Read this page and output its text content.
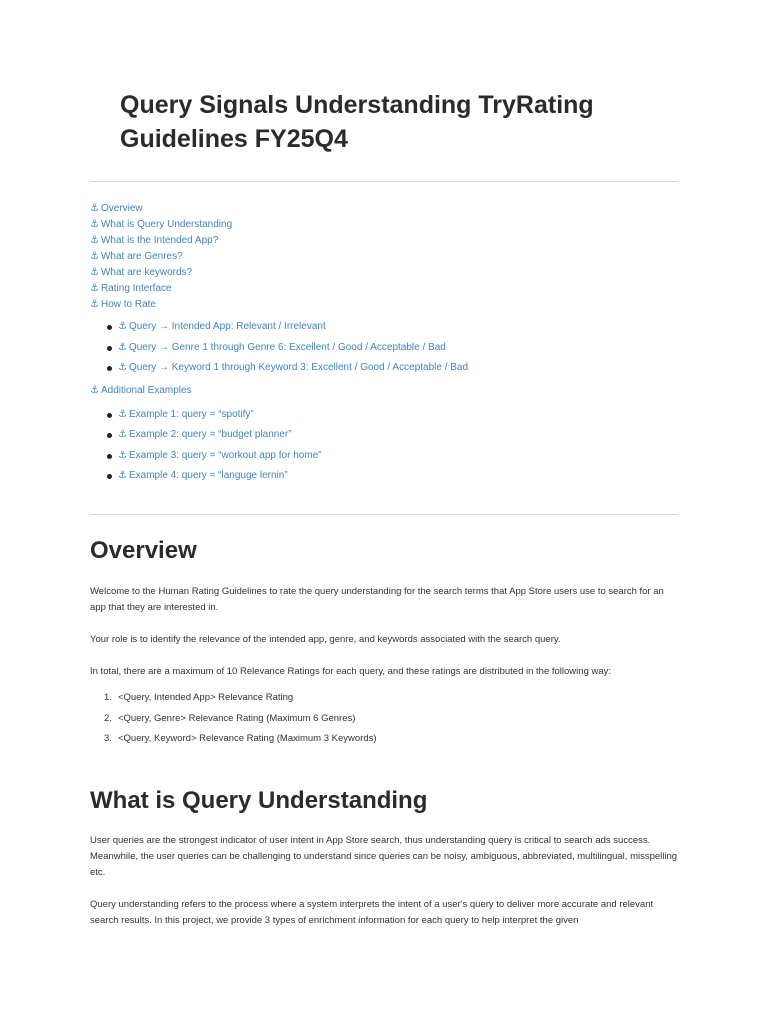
Query Signals Understanding TryRating Guidelines FY25Q4
⚓ Overview
⚓ What is Query Understanding
⚓ What is the Intended App?
⚓ What are Genres?
⚓ What are keywords?
⚓ Rating Interface
⚓ How to Rate
⚓ Query → Intended App: Relevant / Irrelevant
⚓ Query → Genre 1 through Genre 6: Excellent / Good / Acceptable / Bad
⚓ Query → Keyword 1 through Keyword 3: Excellent / Good / Acceptable / Bad
⚓ Additional Examples
⚓ Example 1: query = “spotify”
⚓ Example 2: query = “budget planner”
⚓ Example 3: query = “workout app for home”
⚓ Example 4: query = “languge lernin”
Overview

Welcome to the Human Rating Guidelines to rate the query understanding for the search terms that App Store users use to search for an app that they are interested in.

Your role is to identify the relevance of the intended app, genre, and keywords associated with the search query.

In total, there are a maximum of 10 Relevance Ratings for each query, and these ratings are distributed in the following way:

1. <Query, Intended App> Relevance Rating
2. <Query, Genre> Relevance Rating (Maximum 6 Genres)
3. <Query, Keyword> Relevance Rating (Maximum 3 Keywords)
What is Query Understanding

User queries are the strongest indicator of user intent in App Store search, thus understanding query is critical to search ads success. Meanwhile, the user queries can be challenging to understand since queries can be noisy, ambiguous, abbreviated, multilingual, misspelling etc.

Query understanding refers to the process where a system interprets the intent of a user's query to deliver more accurate and relevant search results. In this project, we provide 3 types of enrichment information for each query to help interpret the given
